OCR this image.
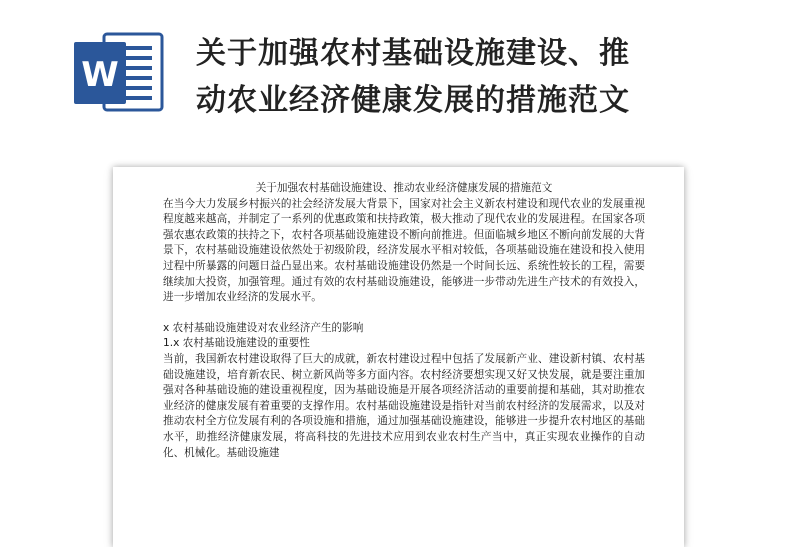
W
关于加强农村基础设施建设、推
动农业经济健康发展的措施范文

关于加强农村基础设施建设、推动农业经济健康发展的措施范文

在当今大力发展乡村振兴的社会经济发展大背景下，国家对社会主义新农村建设和现代农业的发展重视程度越来越高，并制定了一系列的优惠政策和扶持政策，极大推动了现代农业的发展进程。在国家各项强农惠农政策的扶持之下，农村各项基础设施建设不断向前推进。但面临城乡地区不断向前发展的大背景下，农村基础设施建设依然处于初级阶段，经济发展水平相对较低，各项基础设施在建设和投入使用过程中所暴露的问题日益凸显出来。农村基础设施建设仍然是一个时间长远、系统性较长的工程，需要继续加大投资，加强管理。通过有效的农村基础设施建设，能够进一步带动先进生产技术的有效投入，进一步增加农业经济的发展水平。

x 农村基础设施建设对农业经济产生的影响

1.x 农村基础设施建设的重要性

当前，我国新农村建设取得了巨大的成就，新农村建设过程中包括了发展新产业、建设新村镇、农村基础设施建设，培育新农民、树立新风尚等多方面内容。农村经济要想实现又好又快发展，就是要注重加强对各种基础设施的建设重视程度，因为基础设施是开展各项经济活动的重要前提和基础，其对助推农业经济的健康发展有着重要的支撑作用。农村基础设施建设是指针对当前农村经济的发展需求，以及对推动农村全方位发展有利的各项设施和措施，通过加强基础设施建设，能够进一步提升农村地区的基础水平，助推经济健康发展，将高科技的先进技术应用到农业农村生产当中，真正实现农业操作的自动化、机械化。基础设施建
